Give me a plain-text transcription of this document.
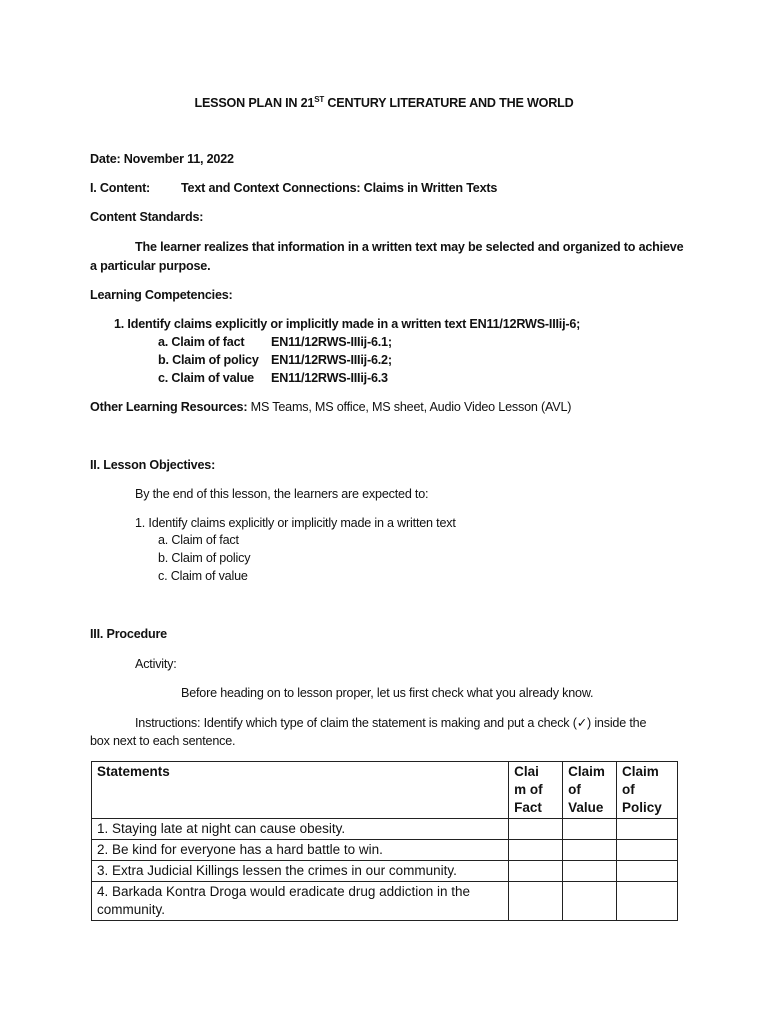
LESSON PLAN IN 21ST CENTURY LITERATURE AND THE WORLD
Date: November 11, 2022
I. Content: Text and Context Connections: Claims in Written Texts
Content Standards:
The learner realizes that information in a written text may be selected and organized to achieve
a particular purpose.
Learning Competencies:
1. Identify claims explicitly or implicitly made in a written text EN11/12RWS-IIIij-6;
a. Claim of fact EN11/12RWS-IIIij-6.1;
b. Claim of policy EN11/12RWS-IIIij-6.2;
c. Claim of value EN11/12RWS-IIIij-6.3
Other Learning Resources: MS Teams, MS office, MS sheet, Audio Video Lesson (AVL)
II. Lesson Objectives:
By the end of this lesson, the learners are expected to:
1. Identify claims explicitly or implicitly made in a written text
a. Claim of fact
b. Claim of policy
c. Claim of value
III. Procedure
Activity:
Before heading on to lesson proper, let us first check what you already know.
Instructions: Identify which type of claim the statement is making and put a check (✓) inside the
box next to each sentence.
Statements	Clai
m of
Fact	Claim
of
Value	Claim
of
Policy
1. Staying late at night can cause obesity.			
2. Be kind for everyone has a hard battle to win.			
3. Extra Judicial Killings lessen the crimes in our community.			
4. Barkada Kontra Droga would eradicate drug addiction in the community.			
